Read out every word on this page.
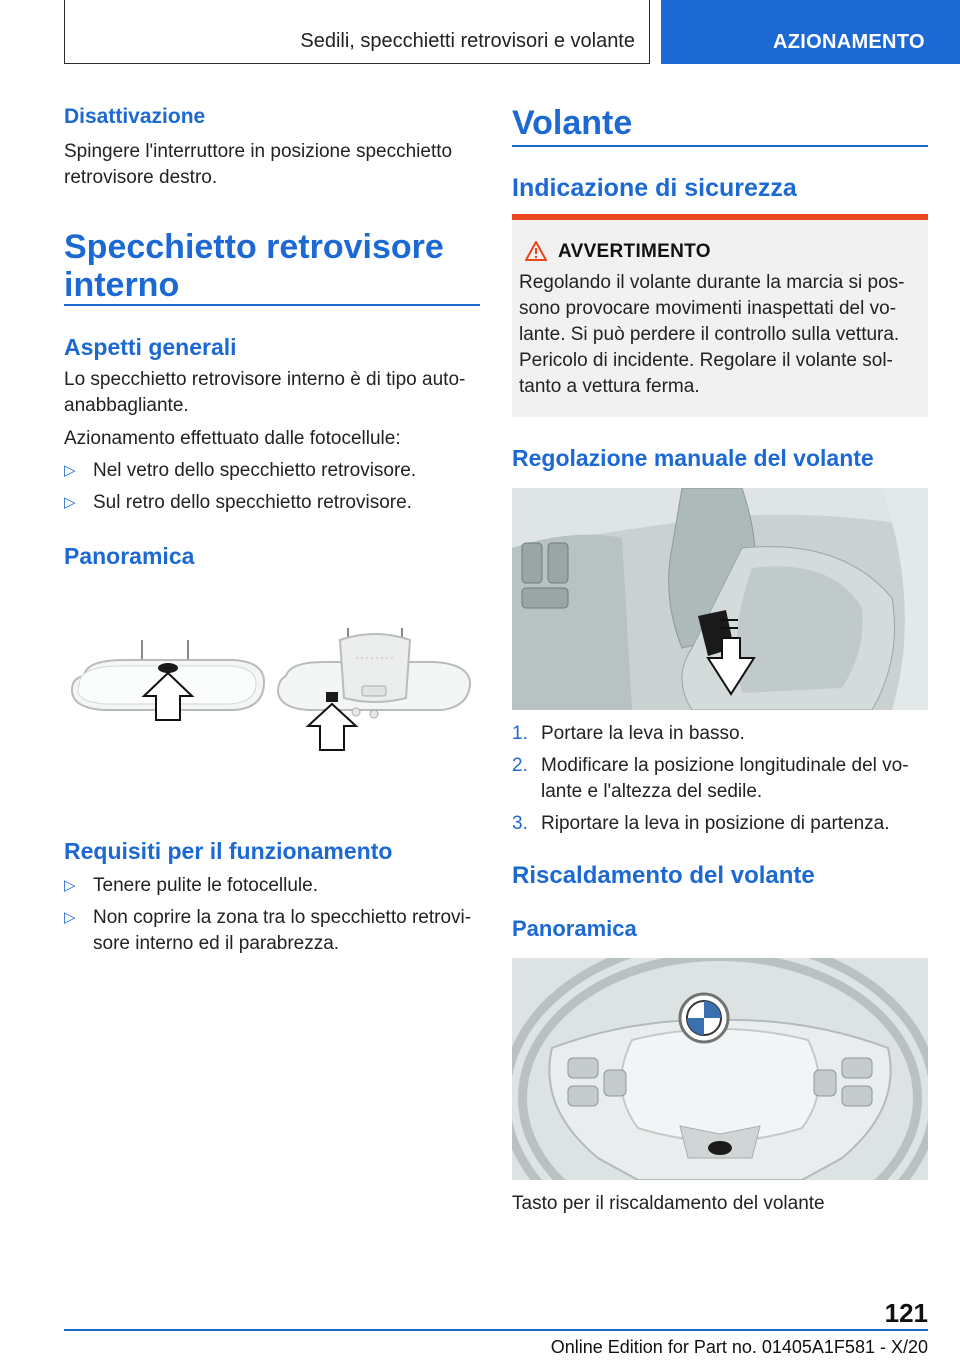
Sedili, specchietti retrovisori e volante	AZIONAMENTO
Disattivazione

Spingere l'interruttore in posizione specchietto retrovisore destro.

Specchietto retrovisore interno
Aspetti generali

Lo specchietto retrovisore interno è di tipo auto-anabbagliante.

Azionamento effettuato dalle fotocellule:

▷ Nel vetro dello specchietto retrovisore.
▷ Sul retro dello specchietto retrovisore.
Panoramica
Requisiti per il funzionamento
▷ Tenere pulite le fotocellule.
▷ Non coprire la zona tra lo specchietto retrovi-sore interno ed il parabrezza.
Volante
Indicazione di sicurezza
AVVERTIMENTO

Regolando il volante durante la marcia si pos-sono provocare movimenti inaspettati del vo-lante. Si può perdere il controllo sulla vettura. Pericolo di incidente. Regolare il volante sol-tanto a vettura ferma.

Regolazione manuale del volante
1. Portare la leva in basso.
2. Modificare la posizione longitudinale del vo-lante e l'altezza del sedile.
3. Riportare la leva in posizione di partenza.
Riscaldamento del volante
Panoramica

Tasto per il riscaldamento del volante

121
Online Edition for Part no. 01405A1F581 - X/20
